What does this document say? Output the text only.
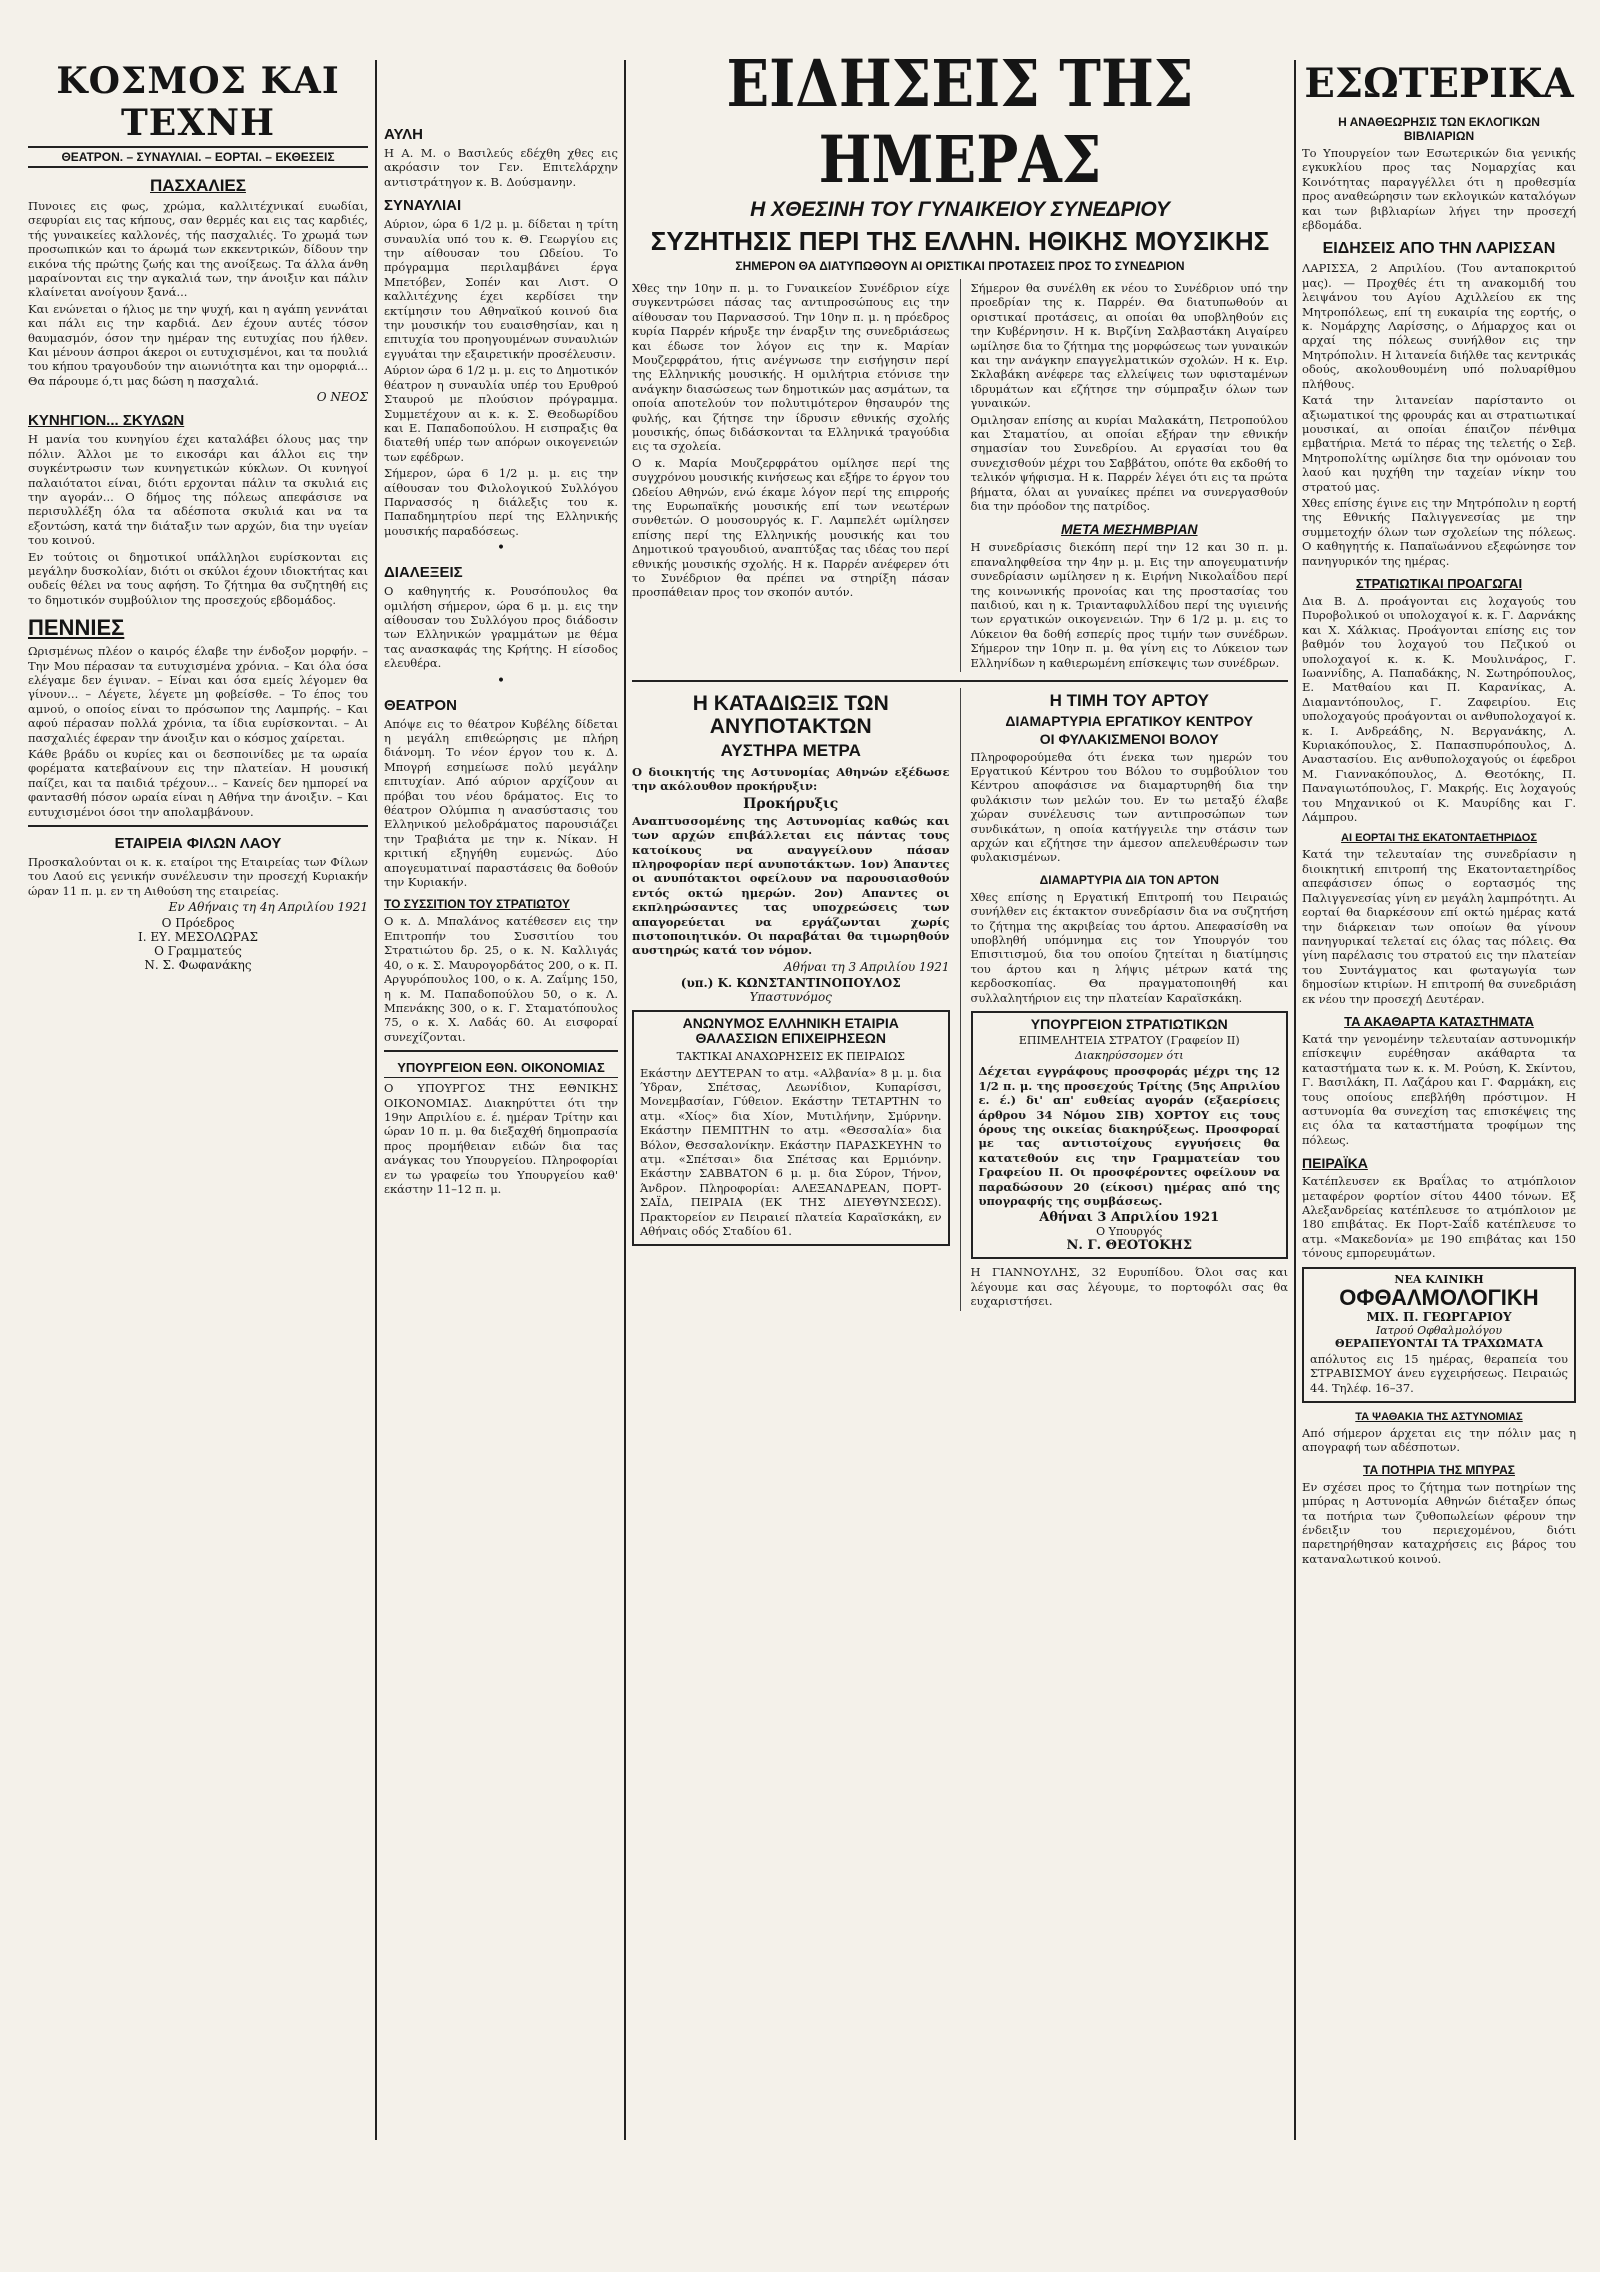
ΚΟΣΜΟΣ ΚΑΙ ΤΕΧΝΗ
ΘΕΑΤΡΟΝ. – ΣΥΝΑΥΛΙΑΙ. – ΕΟΡΤΑΙ. – ΕΚΘΕΣΕΙΣ
ΠΑΣΧΑΛΙΕΣ

Πυνοιες εις φως, χρώμα, καλλιτέχνικαί ευωδίαι, σεφυρίαι εις τας κήπους, σαν θερμές και εις τας καρδιές, τής γυναικείες καλλονές, τής πασχαλιές. Το χρωμά των προσωπικών και το άρωμά των εκκεντρικών, δίδουν την εικόνα τής πρώτης ζωής και της ανοίξεως. Τα άλλα άνθη μαραίνονται εις την αγκαλιά των, την άνοιξιν και πάλιν κλαίνεται ανοίγουν ξανά...

Και ενώνεται ο ήλιος με την ψυχή, και η αγάπη γεννάται και πάλι εις την καρδιά. Δεν έχουν αυτές τόσον θαυμασμόν, όσον την ημέραν της ευτυχίας που ήλθεν. Και μένουν άσπροι άκεροι οι ευτυχισμένοι, και τα πουλιά του κήπου τραγουδούν την αιωνιότητα και την ομορφιά... Θα πάρουμε ό,τι μας δώση η πασχαλιά.

Ο ΝΕΟΣ
ΚΥΝΗΓΙΟΝ... ΣΚΥΛΩΝ

Η μανία του κυνηγίου έχει καταλάβει όλους μας την πόλιν. Άλλοι με το εικοσάρι και άλλοι εις την συγκέντρωσιν των κυνηγετικών κύκλων. Οι κυνηγοί παλαιότατοι είναι, διότι ερχονται πάλιν τα σκυλιά εις την αγοράν... Ο δήμος της πόλεως απεφάσισε να περισυλλέξη όλα τα αδέσποτα σκυλιά και να τα εξοντώση, κατά την διάταξιν των αρχών, δια την υγείαν του κοινού.

Εν τούτοις οι δημοτικοί υπάλληλοι ευρίσκονται εις μεγάλην δυσκολίαν, διότι οι σκύλοι έχουν ιδιοκτήτας και ουδείς θέλει να τους αφήση. Το ζήτημα θα συζητηθή εις το δημοτικόν συμβούλιον της προσεχούς εβδομάδος.

ΠΕΝΝΙΕΣ

Ωρισμένως πλέον ο καιρός έλαβε την ένδοξον μορφήν. – Την Μου πέρασαν τα ευτυχισμένα χρόνια. – Και όλα όσα ελέγαμε δεν έγιναν. – Είναι και όσα εμείς λέγομεν θα γίνουν... – Λέγετε, λέγετε μη φοβείσθε. – Το έπος του αμνού, ο οποίος είναι το πρόσωπον της Λαμπρής. – Και αφού πέρασαν πολλά χρόνια, τα ίδια ευρίσκονται. – Αι πασχαλιές έφεραν την άνοιξιν και ο κόσμος χαίρεται.

Κάθε βράδυ οι κυρίες και οι δεσποινίδες με τα ωραία φορέματα κατεβαίνουν εις την πλατείαν. Η μουσική παίζει, και τα παιδιά τρέχουν... – Κανείς δεν ημπορεί να φαντασθή πόσον ωραία είναι η Αθήνα την άνοιξιν. – Και ευτυχισμένοι όσοι την απολαμβάνουν.

ΕΤΑΙΡΕΙΑ ΦΙΛΩΝ ΛΑΟΥ

Προσκαλούνται οι κ. κ. εταίροι της Εταιρείας των Φίλων του Λαού εις γενικήν συνέλευσιν την προσεχή Κυριακήν ώραν 11 π. μ. εν τη Αιθούση της εταιρείας.

Εν Αθήναις τη 4η Απριλίου 1921
Ο Πρόεδρος
Ι. ΕΥ. ΜΕΣΟΛΩΡΑΣ
Ο Γραμματεύς
Ν. Σ. Φωφανάκης
ΑΥΛΗ

Η Α. Μ. ο Βασιλεύς εδέχθη χθες εις ακρόασιν τον Γεν. Επιτελάρχην αντιστράτηγον κ. Β. Δούσμανην.

ΣΥΝΑΥΛΙΑΙ

Αύριον, ώρα 6 1/2 μ. μ. δίδεται η τρίτη συναυλία υπό του κ. Θ. Γεωργίου εις την αίθουσαν του Ωδείου. Το πρόγραμμα περιλαμβάνει έργα Μπετόβεν, Σοπέν και Λιστ. Ο καλλιτέχνης έχει κερδίσει την εκτίμησιν του Αθηναϊκού κοινού δια την μουσικήν του ευαισθησίαν, και η επιτυχία του προηγουμένων συναυλιών εγγυάται την εξαιρετικήν προσέλευσιν.

Αύριον ώρα 6 1/2 μ. μ. εις το Δημοτικόν θέατρον η συναυλία υπέρ του Ερυθρού Σταυρού με πλούσιον πρόγραμμα. Συμμετέχουν αι κ. κ. Σ. Θεοδωρίδου και Ε. Παπαδοπούλου. Η εισπραξις θα διατεθή υπέρ των απόρων οικογενειών των εφέδρων.

Σήμερον, ώρα 6 1/2 μ. μ. εις την αίθουσαν του Φιλολογικού Συλλόγου Παρνασσός η διάλεξις του κ. Παπαδημητρίου περί της Ελληνικής μουσικής παραδόσεως.

•
ΔΙΑΛΕΞΕΙΣ

Ο καθηγητής κ. Ρουσόπουλος θα ομιλήση σήμερον, ώρα 6 μ. μ. εις την αίθουσαν του Συλλόγου προς διάδοσιν των Ελληνικών γραμμάτων με θέμα τας ανασκαφάς της Κρήτης. Η είσοδος ελευθέρα.

•
ΘΕΑΤΡΟΝ

Απόψε εις το θέατρον Κυβέλης δίδεται η μεγάλη επιθεώρησις με πλήρη διάνομη. Το νέον έργον του κ. Δ. Μπογρή εσημείωσε πολύ μεγάλην επιτυχίαν. Από αύριον αρχίζουν αι πρόβαι του νέου δράματος. Εις το θέατρον Ολύμπια η ανασύστασις του Ελληνικού μελοδράματος παρουσιάζει την Τραβιάτα με την κ. Νίκαν. Η κριτική εξηγήθη ευμενώς. Δύο απογευματιναί παραστάσεις θα δοθούν την Κυριακήν.

ΤΟ ΣΥΣΣΙΤΙΟΝ ΤΟΥ ΣΤΡΑΤΙΩΤΟΥ

Ο κ. Δ. Μπαλάνος κατέθεσεν εις την Επιτροπήν του Συσσιτίου του Στρατιώτου δρ. 25, ο κ. Ν. Καλλιγάς 40, ο κ. Σ. Μαυρογορδάτος 200, ο κ. Π. Αργυρόπουλος 100, ο κ. Α. Ζαΐμης 150, η κ. Μ. Παπαδοπούλου 50, ο κ. Λ. Μπενάκης 300, ο κ. Γ. Σταματόπουλος 75, ο κ. Χ. Λαδάς 60. Αι εισφοραί συνεχίζονται.

ΥΠΟΥΡΓΕΙΟΝ ΕΘΝ. ΟΙΚΟΝΟΜΙΑΣ

Ο ΥΠΟΥΡΓΟΣ ΤΗΣ ΕΘΝΙΚΗΣ ΟΙΚΟΝΟΜΙΑΣ. Διακηρύττει ότι την 19ην Απριλίου ε. έ. ημέραν Τρίτην και ώραν 10 π. μ. θα διεξαχθή δημοπρασία προς προμήθειαν ειδών δια τας ανάγκας του Υπουργείου. Πληροφορίαι εν τω γραφείω του Υπουργείου καθ' εκάστην 11–12 π. μ.

ΕΙΔΗΣΕΙΣ ΤΗΣ ΗΜΕΡΑΣ
Η ΧΘΕΣΙΝΗ ΤΟΥ ΓΥΝΑΙΚΕΙΟΥ ΣΥΝΕΔΡΙΟΥ
ΣΥΖΗΤΗΣΙΣ ΠΕΡΙ ΤΗΣ ΕΛΛΗΝ. ΗΘΙΚΗΣ ΜΟΥΣΙΚΗΣ
ΣΗΜΕΡΟΝ ΘΑ ΔΙΑΤΥΠΩΘΟΥΝ ΑΙ ΟΡΙΣΤΙΚΑΙ ΠΡΟΤΑΣΕΙΣ ΠΡΟΣ ΤΟ ΣΥΝΕΔΡΙΟΝ

Χθες την 10ην π. μ. το Γυναικείον Συνέδριον είχε συγκεντρώσει πάσας τας αντιπροσώπους εις την αίθουσαν του Παρνασσού. Την 10ην π. μ. η πρόεδρος κυρία Παρρέν κήρυξε την έναρξιν της συνεδριάσεως και έδωσε τον λόγον εις την κ. Μαρίαν Μουζερφράτου, ήτις ανέγνωσε την εισήγησιν περί της Ελληνικής μουσικής. Η ομιλήτρια ετόνισε την ανάγκην διασώσεως των δημοτικών μας ασμάτων, τα οποία αποτελούν τον πολυτιμότερον θησαυρόν της φυλής, και ζήτησε την ίδρυσιν εθνικής σχολής μουσικής, όπως διδάσκονται τα Ελληνικά τραγούδια εις τα σχολεία.

Ο κ. Μαρία Μουζερφράτου ομίλησε περί της συγχρόνου μουσικής κινήσεως και εξήρε το έργον του Ωδείου Αθηνών, ενώ έκαμε λόγον περί της επιρροής της Ευρωπαϊκής μουσικής επί των νεωτέρων συνθετών. Ο μουσουργός κ. Γ. Λαμπελέτ ωμίλησεν επίσης περί της Ελληνικής μουσικής και του Δημοτικού τραγουδιού, αναπτύξας τας ιδέας του περί εθνικής μουσικής σχολής. Η κ. Παρρέν ανέφερεν ότι το Συνέδριον θα πρέπει να στηρίξη πάσαν προσπάθειαν προς τον σκοπόν αυτόν.

Σήμερον θα συνέλθη εκ νέου το Συνέδριον υπό την προεδρίαν της κ. Παρρέν. Θα διατυπωθούν αι οριστικαί προτάσεις, αι οποίαι θα υποβληθούν εις την Κυβέρνησιν. Η κ. Βιρζίνη Σαλβαστάκη Αιγαίρευ ωμίλησε δια το ζήτημα της μορφώσεως των γυναικών και την ανάγκην επαγγελματικών σχολών. Η κ. Ειρ. Σκλαβάκη ανέφερε τας ελλείψεις των υφισταμένων ιδρυμάτων και εζήτησε την σύμπραξιν όλων των γυναικών.

Ομιλησαν επίσης αι κυρίαι Μαλακάτη, Πετροπούλου και Σταματίου, αι οποίαι εξήραν την εθνικήν σημασίαν του Συνεδρίου. Αι εργασίαι του θα συνεχισθούν μέχρι του Σαββάτου, οπότε θα εκδοθή το τελικόν ψήφισμα. Η κ. Παρρέν λέγει ότι εις τα πρώτα βήματα, όλαι αι γυναίκες πρέπει να συνεργασθούν δια την πρόοδον της πατρίδος.

ΜΕΤΑ ΜΕΣΗΜΒΡΙΑΝ

Η συνεδρίασις διεκόπη περί την 12 και 30 π. μ. επαναληφθείσα την 4ην μ. μ. Εις την απογευματινήν συνεδρίασιν ωμίλησεν η κ. Ειρήνη Νικολαΐδου περί της κοινωνικής προνοίας και της προστασίας του παιδιού, και η κ. Τριανταφυλλίδου περί της υγιεινής των εργατικών οικογενειών. Την 6 1/2 μ. μ. εις το Λύκειον θα δοθή εσπερίς προς τιμήν των συνέδρων. Σήμερον την 10ην π. μ. θα γίνη εις το Λύκειον των Ελληνίδων η καθιερωμένη επίσκεψις των συνέδρων.

Η ΚΑΤΑΔΙΩΞΙΣ ΤΩΝ ΑΝΥΠΟΤΑΚΤΩΝ
ΑΥΣΤΗΡΑ ΜΕΤΡΑ

Ο διοικητής της Αστυνομίας Αθηνών εξέδωσε την ακόλουθον προκήρυξιν:

Προκήρυξις

Αναπτυσσομένης της Αστυνομίας καθώς και των αρχών επιβάλλεται εις πάντας τους κατοίκους να αναγγείλουν πάσαν πληροφορίαν περί ανυποτάκτων. 1ον) Άπαντες οι ανυπότακτοι οφείλουν να παρουσιασθούν εντός οκτώ ημερών. 2ον) Απαντες οι εκπληρώσαντες τας υποχρεώσεις των απαγορεύεται να εργάζωνται χωρίς πιστοποιητικόν. Οι παραβάται θα τιμωρηθούν αυστηρώς κατά τον νόμον.

Αθήναι τη 3 Απριλίου 1921
(υπ.) Κ. ΚΩΝΣΤΑΝΤΙΝΟΠΟΥΛΟΣ
Υπαστυνόμος
ΑΝΩΝΥΜΟΣ ΕΛΛΗΝΙΚΗ ΕΤΑΙΡΙΑ ΘΑΛΑΣΣΙΩΝ ΕΠΙΧΕΙΡΗΣΕΩΝ
ΤΑΚΤΙΚΑΙ ΑΝΑΧΩΡΗΣΕΙΣ ΕΚ ΠΕΙΡΑΙΩΣ

Εκάστην ΔΕΥΤΕΡΑΝ το ατμ. «Αλβανία» 8 μ. μ. δια Ύδραν, Σπέτσας, Λεωνίδιον, Κυπαρίσσι, Μονεμβασίαν, Γύθειον. Εκάστην ΤΕΤΑΡΤΗΝ το ατμ. «Χίος» δια Χίον, Μυτιλήνην, Σμύρνην. Εκάστην ΠΕΜΠΤΗΝ το ατμ. «Θεσσαλία» δια Βόλον, Θεσσαλονίκην. Εκάστην ΠΑΡΑΣΚΕΥΗΝ το ατμ. «Σπέτσαι» δια Σπέτσας και Ερμιόνην. Εκάστην ΣΑΒΒΑΤΟΝ 6 μ. μ. δια Σύρον, Τήνον, Άνδρον. Πληροφορίαι: ΑΛΕΞΑΝΔΡΕΑΝ, ΠΟΡΤ-ΣΑΪΔ, ΠΕΙΡΑΙΑ (ΕΚ ΤΗΣ ΔΙΕΥΘΥΝΣΕΩΣ). Πρακτορείον εν Πειραιεί πλατεία Καραϊσκάκη, εν Αθήναις οδός Σταδίου 61.

Η ΤΙΜΗ ΤΟΥ ΑΡΤΟΥ
ΔΙΑΜΑΡΤΥΡΙΑ ΕΡΓΑΤΙΚΟΥ ΚΕΝΤΡΟΥ
ΟΙ ΦΥΛΑΚΙΣΜΕΝΟΙ ΒΟΛΟΥ

Πληροφορούμεθα ότι ένεκα των ημερών του Εργατικού Κέντρου του Βόλου το συμβούλιον του Κέντρου αποφάσισε να διαμαρτυρηθή δια την φυλάκισιν των μελών του. Εν τω μεταξύ έλαβε χώραν συνέλευσις των αντιπροσώπων των συνδικάτων, η οποία κατήγγειλε την στάσιν των αρχών και εζήτησε την άμεσον απελευθέρωσιν των φυλακισμένων.

ΔΙΑΜΑΡΤΥΡΙΑ ΔΙΑ ΤΟΝ ΑΡΤΟΝ

Χθες επίσης η Εργατική Επιτροπή του Πειραιώς συνήλθεν εις έκτακτον συνεδρίασιν δια να συζητήση το ζήτημα της ακριβείας του άρτου. Απεφασίσθη να υποβληθή υπόμνημα εις τον Υπουργόν του Επισιτισμού, δια του οποίου ζητείται η διατίμησις του άρτου και η λήψις μέτρων κατά της κερδοσκοπίας. Θα πραγματοποιηθή και συλλαλητήριον εις την πλατείαν Καραϊσκάκη.

ΥΠΟΥΡΓΕΙΟΝ ΣΤΡΑΤΙΩΤΙΚΩΝ
ΕΠΙΜΕΛΗΤΕΙΑ ΣΤΡΑΤΟΥ (Γραφείον ΙΙ)
Διακηρύσσομεν ότι

Δέχεται εγγράφους προσφοράς μέχρι της 12 1/2 π. μ. της προσεχούς Τρίτης (5ης Απριλίου ε. έ.) δι' απ' ευθείας αγοράν (εξαερίσεις άρθρου 34 Νόμου ΣΙΒ) ΧΟΡΤΟΥ εις τους όρους της οικείας διακηρύξεως. Προσφοραί με τας αντιστοίχους εγγυήσεις θα κατατεθούν εις την Γραμματείαν του Γραφείου ΙΙ. Οι προσφέροντες οφείλουν να παραδώσουν 20 (είκοσι) ημέρας από της υπογραφής της συμβάσεως.

Αθήναι 3 Απριλίου 1921
Ο Υπουργός
Ν. Γ. ΘΕΟΤΟΚΗΣ

Η ΓΙΑΝΝΟΥΛΗΣ, 32 Ευρυπίδου. Όλοι σας και λέγουμε και σας λέγουμε, το πορτοφόλι σας θα ευχαριστήσει.

ΕΣΩΤΕΡΙΚΑ
Η ΑΝΑΘΕΩΡΗΣΙΣ ΤΩΝ ΕΚΛΟΓΙΚΩΝ ΒΙΒΛΙΑΡΙΩΝ

Το Υπουργείον των Εσωτερικών δια γενικής εγκυκλίου προς τας Νομαρχίας και Κοινότητας παραγγέλλει ότι η προθεσμία προς αναθεώρησιν των εκλογικών καταλόγων και των βιβλιαρίων λήγει την προσεχή εβδομάδα.

ΕΙΔΗΣΕΙΣ ΑΠΟ ΤΗΝ ΛΑΡΙΣΣΑΝ

ΛΑΡΙΣΣΑ, 2 Απριλίου. (Του ανταποκριτού μας). — Προχθές έτι τη ανακομιδή του λειψάνου του Αγίου Αχιλλείου εκ της Μητροπόλεως, επί τη ευκαιρία της εορτής, ο κ. Νομάρχης Λαρίσσης, ο Δήμαρχος και οι αρχαί της πόλεως συνήλθον εις την Μητρόπολιν. Η λιτανεία διήλθε τας κεντρικάς οδούς, ακολουθουμένη υπό πολυαρίθμου πλήθους.

Κατά την λιτανείαν παρίσταντο οι αξιωματικοί της φρουράς και αι στρατιωτικαί μουσικαί, αι οποίαι έπαιζον πένθιμα εμβατήρια. Μετά το πέρας της τελετής ο Σεβ. Μητροπολίτης ωμίλησε δια την ομόνοιαν του λαού και ηυχήθη την ταχείαν νίκην του στρατού μας.

Χθες επίσης έγινε εις την Μητρόπολιν η εορτή της Εθνικής Παλιγγενεσίας με την συμμετοχήν όλων των σχολείων της πόλεως. Ο καθηγητής κ. Παπαϊωάννου εξεφώνησε τον πανηγυρικόν της ημέρας.

ΣΤΡΑΤΙΩΤΙΚΑΙ ΠΡΟΑΓΩΓΑΙ

Δια Β. Δ. προάγονται εις λοχαγούς του Πυροβολικού οι υπολοχαγοί κ. κ. Γ. Δαρνάκης και Χ. Χάλκιας. Προάγονται επίσης εις τον βαθμόν του λοχαγού του Πεζικού οι υπολοχαγοί κ. κ. Κ. Μουλινάρος, Γ. Ιωαννίδης, Α. Παπαδάκης, Ν. Σωτηρόπουλος, Ε. Ματθαίου και Π. Καρανίκας, Α. Διαμαντόπουλος, Γ. Ζαφειρίου. Εις υπολοχαγούς προάγονται οι ανθυπολοχαγοί κ. κ. Ι. Ανδρεάδης, Ν. Βεργανάκης, Λ. Κυριακόπουλος, Σ. Παπασπυρόπουλος, Δ. Αναστασίου. Εις ανθυπολοχαγούς οι έφεδροι Μ. Γιαννακόπουλος, Δ. Θεοτόκης, Π. Παναγιωτόπουλος, Γ. Μακρής. Εις λοχαγούς του Μηχανικού οι Κ. Μαυρίδης και Γ. Λάμπρου.

ΑΙ ΕΟΡΤΑΙ ΤΗΣ ΕΚΑΤΟΝΤΑΕΤΗΡΙΔΟΣ

Κατά την τελευταίαν της συνεδρίασιν η διοικητική επιτροπή της Εκατονταετηρίδος απεφάσισεν όπως ο εορτασμός της Παλιγγενεσίας γίνη εν μεγάλη λαμπρότητι. Αι εορταί θα διαρκέσουν επί οκτώ ημέρας κατά την διάρκειαν των οποίων θα γίνουν πανηγυρικαί τελεταί εις όλας τας πόλεις. Θα γίνη παρέλασις του στρατού εις την πλατείαν του Συντάγματος και φωταγωγία των δημοσίων κτιρίων. Η επιτροπή θα συνεδριάση εκ νέου την προσεχή Δευτέραν.

ΤΑ ΑΚΑΘΑΡΤΑ ΚΑΤΑΣΤΗΜΑΤΑ

Κατά την γενομένην τελευταίαν αστυνομικήν επίσκεψιν ευρέθησαν ακάθαρτα τα καταστήματα των κ. κ. Μ. Ρούση, Κ. Σκίντου, Γ. Βασιλάκη, Π. Λαζάρου και Γ. Φαρμάκη, εις τους οποίους επεβλήθη πρόστιμον. Η αστυνομία θα συνεχίση τας επισκέψεις της εις όλα τα καταστήματα τροφίμων της πόλεως.

ΠΕΙΡΑΪΚΑ

Κατέπλευσεν εκ Βραΐλας το ατμόπλοιον μεταφέρον φορτίον σίτου 4400 τόνων. Εξ Αλεξανδρείας κατέπλευσε το ατμόπλοιον με 180 επιβάτας. Εκ Πορτ-Σαΐδ κατέπλευσε το ατμ. «Μακεδονία» με 190 επιβάτας και 150 τόνους εμπορευμάτων.

ΝΕΑ ΚΛΙΝΙΚΗ
ΟΦΘΑΛΜΟΛΟΓΙΚΗ
ΜΙΧ. Π. ΓΕΩΡΓΑΡΙΟΥ
Ιατρού Οφθαλμολόγου
ΘΕΡΑΠΕΥΟΝΤΑΙ ΤΑ ΤΡΑΧΩΜΑΤΑ

απόλυτος εις 15 ημέρας, θεραπεία του ΣΤΡΑΒΙΣΜΟΥ άνευ εγχειρήσεως. Πειραιώς 44. Τηλέφ. 16–37.

ΤΑ ΨΑΘΑΚΙΑ ΤΗΣ ΑΣΤΥΝΟΜΙΑΣ

Από σήμερον άρχεται εις την πόλιν μας η απογραφή των αδέσποτων.

ΤΑ ΠΟΤΗΡΙΑ ΤΗΣ ΜΠΥΡΑΣ

Εν σχέσει προς το ζήτημα των ποτηρίων της μπύρας η Αστυνομία Αθηνών διέταξεν όπως τα ποτήρια των ζυθοπωλείων φέρουν την ένδειξιν του περιεχομένου, διότι παρετηρήθησαν καταχρήσεις εις βάρος του καταναλωτικού κοινού.
